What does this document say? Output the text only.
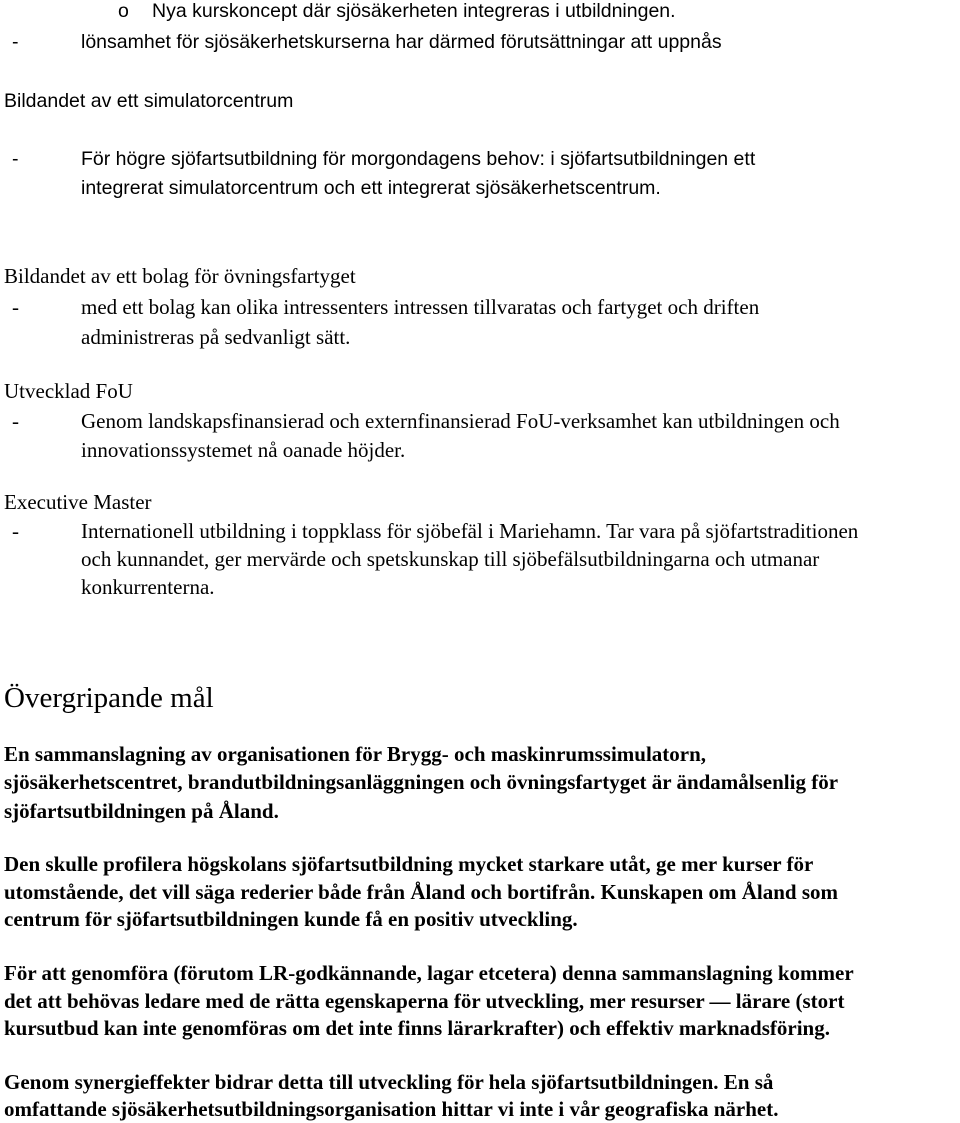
o Nya kurskoncept där sjösäkerheten integreras i utbildningen.
-	lönsamhet för sjösäkerhetskurserna har därmed förutsättningar att uppnås
Bildandet av ett simulatorcentrum
-	För högre sjöfartsutbildning för morgondagens behov: i sjöfartsutbildningen ett
integrerat simulatorcentrum och ett integrerat sjösäkerhetscentrum.
Bildandet av ett bolag för övningsfartyget
-	med ett bolag kan olika intressenters intressen tillvaratas och fartyget och driften
administreras på sedvanligt sätt.
Utvecklad FoU
-	Genom landskapsfinansierad och externfinansierad FoU-verksamhet kan utbildningen och
innovationssystemet nå oanade höjder.
Executive Master
-	Internationell utbildning i toppklass för sjöbefäl i Mariehamn. Tar vara på sjöfartstraditionen
och kunnandet, ger mervärde och spetskunskap till sjöbefälsutbildningarna och utmanar
konkurrenterna.
Övergripande mål
En sammanslagning av organisationen för Brygg- och maskinrumssimulatorn,
sjösäkerhetscentret, brandutbildningsanläggningen och övningsfartyget är ändamålsenlig för
sjöfartsutbildningen på Åland.
Den skulle profilera högskolans sjöfartsutbildning mycket starkare utåt, ge mer kurser för
utomstående, det vill säga rederier både från Åland och bortifrån. Kunskapen om Åland som
centrum för sjöfartsutbildningen kunde få en positiv utveckling.
För att genomföra (förutom LR-godkännande, lagar etcetera) denna sammanslagning kommer
det att behövas ledare med de rätta egenskaperna för utveckling, mer resurser — lärare (stort
kursutbud kan inte genomföras om det inte finns lärarkrafter) och effektiv marknadsföring.
Genom synergieffekter bidrar detta till utveckling för hela sjöfartsutbildningen. En så
omfattande sjösäkerhetsutbildningsorganisation hittar vi inte i vår geografiska närhet.
